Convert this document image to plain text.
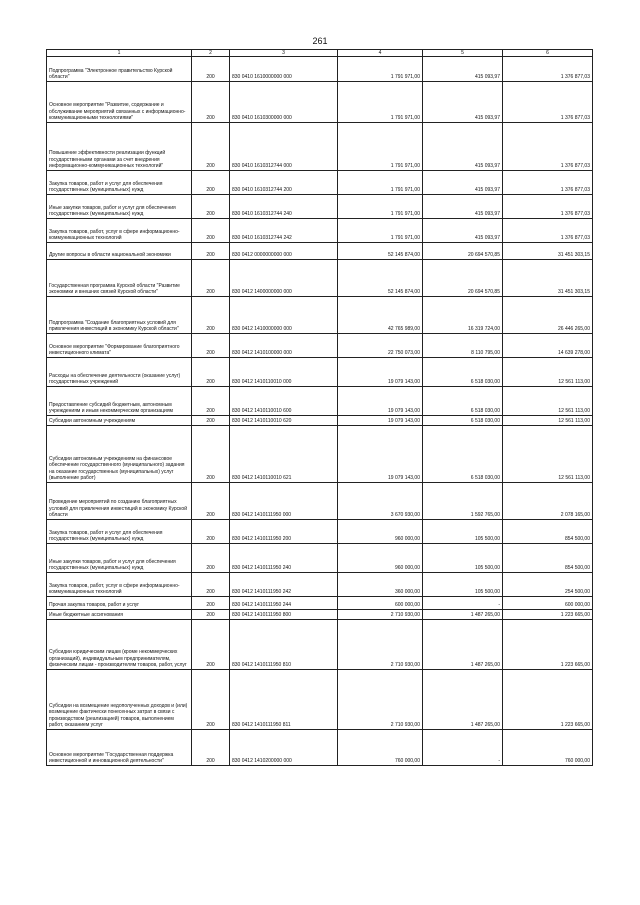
261
1	2	3	4	5	6
Подпрограмма "Электронное правительство Курской области"	200	830 0410 1610000000 000	1 791 971,00	415 093,97	1 376 877,03
Основное мероприятие "Развитие, содержание и обслуживание мероприятий связанных с информационно-коммуникационными технологиями"	200	830 0410 1610300000 000	1 791 971,00	415 093,97	1 376 877,03
Повышение эффективности реализации функций государственными органами за счет внедрения информационно-коммуникационных технологий"	200	830 0410 1610312744 000	1 791 971,00	415 093,97	1 376 877,03
Закупка товаров, работ и услуг для обеспечения государственных (муниципальных) нужд	200	830 0410 1610312744 200	1 791 971,00	415 093,97	1 376 877,03
Иные закупки товаров, работ и услуг для обеспечения государственных (муниципальных) нужд	200	830 0410 1610312744 240	1 791 971,00	415 093,97	1 376 877,03
Закупка товаров, работ, услуг в сфере информационно-коммуникационных технологий	200	830 0410 1610312744 242	1 791 971,00	415 093,97	1 376 877,03
Другие вопросы в области национальной экономики	200	830 0412 0000000000 000	52 145 874,00	20 694 570,85	31 451 303,15
Государственная программа Курской области "Развитие экономики и внешних связей Курской области"	200	830 0412 1400000000 000	52 145 874,00	20 694 570,85	31 451 303,15
Подпрограмма "Создание благоприятных условий для привлечения инвестиций в экономику Курской области"	200	830 0412 1410000000 000	42 765 989,00	16 319 724,00	26 446 265,00
Основное мероприятие "Формирование благоприятного инвестиционного климата"	200	830 0412 1410100000 000	22 750 073,00	8 110 795,00	14 639 278,00
Расходы на обеспечение деятельности (оказание услуг) государственных учреждений	200	830 0412 1410110010 000	19 079 143,00	6 518 030,00	12 561 113,00
Предоставление субсидий бюджетным, автономным учреждениям и иным некоммерческим организациям	200	830 0412 1410110010 600	19 079 143,00	6 518 030,00	12 561 113,00
Субсидии автономным учреждениям	200	830 0412 1410110010 620	19 079 143,00	6 518 030,00	12 561 113,00
Субсидии автономным учреждениям на финансовое обеспечение государственного (муниципального) задания на оказание государственных (муниципальных) услуг (выполнение работ)	200	830 0412 1410110010 621	19 079 143,00	6 518 030,00	12 561 113,00
Проведение мероприятий по созданию благоприятных условий для привлечения инвестиций в экономику Курской области	200	830 0412 1410111950 000	3 670 930,00	1 592 765,00	2 078 165,00
Закупка товаров, работ и услуг для обеспечения государственных (муниципальных) нужд	200	830 0412 1410111950 200	960 000,00	105 500,00	854 500,00
Иные закупки товаров, работ и услуг для обеспечения государственных (муниципальных) нужд	200	830 0412 1410111950 240	960 000,00	105 500,00	854 500,00
Закупка товаров, работ, услуг в сфере информационно-коммуникационных технологий	200	830 0412 1410111950 242	360 000,00	105 500,00	254 500,00
Прочая закупка товаров, работ и услуг	200	830 0412 1410111950 244	600 000,00	-	600 000,00
Иные бюджетные ассигнования	200	830 0412 1410111950 800	2 710 930,00	1 487 265,00	1 223 665,00
Субсидии юридическим лицам (кроме некоммерческих организаций), индивидуальным предпринимателям, физическим лицам - производителям товаров, работ, услуг	200	830 0412 1410111950 810	2 710 930,00	1 487 265,00	1 223 665,00
Субсидии на возмещение недополученных доходов и (или) возмещение фактически понесенных затрат в связи с производством (реализацией) товаров, выполнением работ, оказанием услуг	200	830 0412 1410111950 811	2 710 930,00	1 487 265,00	1 223 665,00
Основное мероприятие "Государственная поддержка инвестиционной и инновационной деятельности"	200	830 0412 1410200000 000	760 000,00	-	760 000,00
